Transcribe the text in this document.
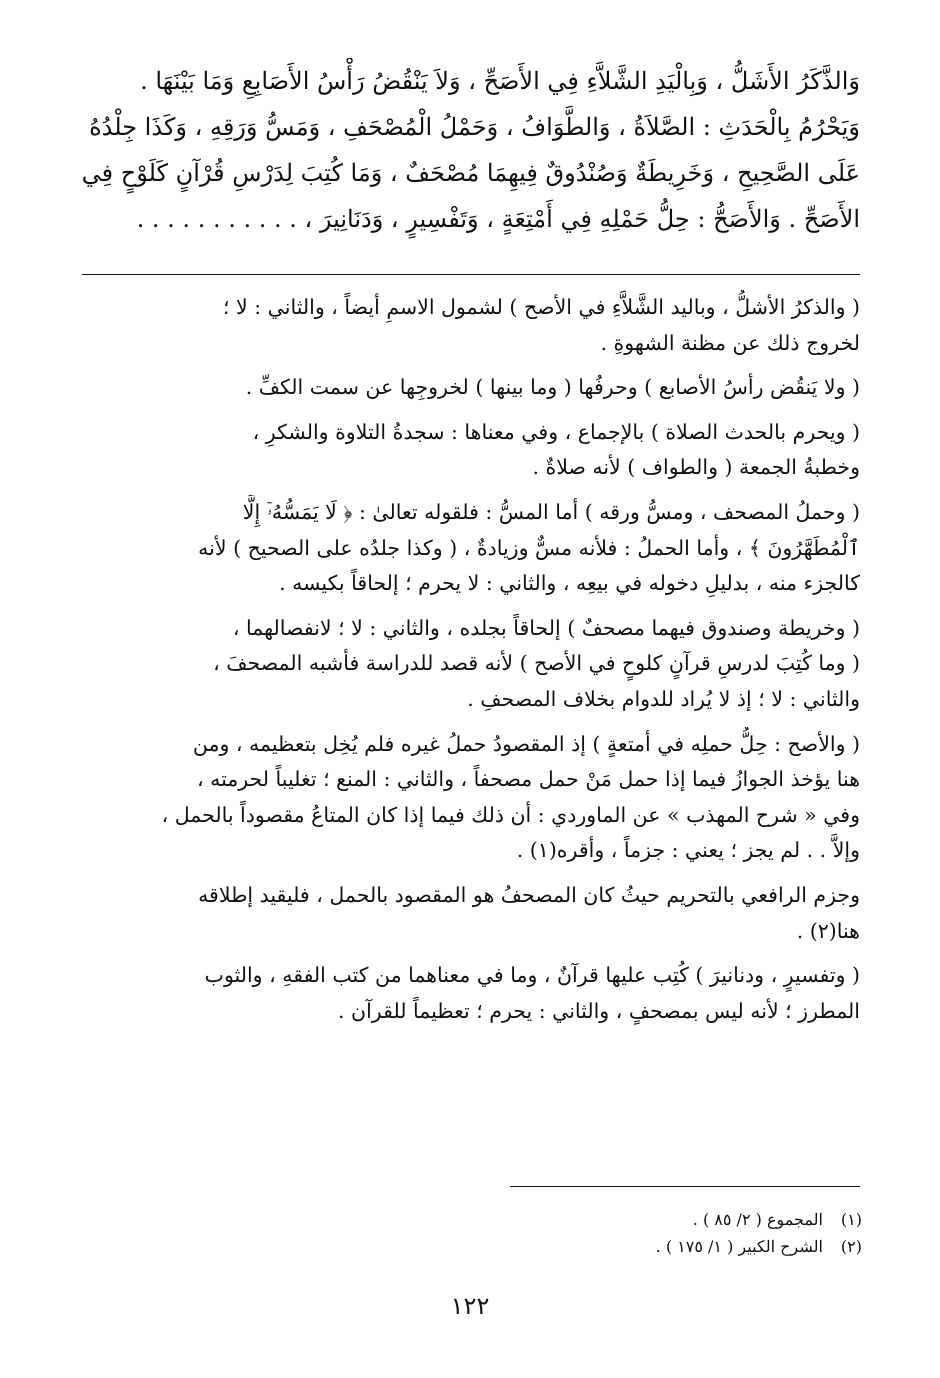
وَالذَّكَرُ الأَشَلُّ ، وَبِالْيَدِ الشَّلاَّءِ فِي الأَصَحِّ ، وَلاَ يَنْقُضُ رَأْسُ الأَصَابِعِ وَمَا بَيْنَهَا .
وَيَحْرُمُ بِالْحَدَثِ : الصَّلاَةُ ، وَالطَّوَافُ ، وَحَمْلُ الْمُصْحَفِ ، وَمَسُّ وَرَقِهِ ، وَكَذَا جِلْدُهُ
عَلَى الصَّحِيحِ ، وَخَرِيطَةٌ وَصُنْدُوقٌ فِيهِمَا مُصْحَفٌ ، وَمَا كُتِبَ لِدَرْسِ قُرْآنٍ كَلَوْحٍ فِي
الأَصَحِّ . وَالأَصَحُّ : حِلُّ حَمْلِهِ فِي أَمْتِعَةٍ ، وَتَفْسِيرٍ ، وَدَنَانِيرَ ، . . . . . . . . . . .

( والذكرُ الأشلُّ ، وباليد الشَّلاَّءِ في الأصح ) لشمول الاسمِ أيضاً ، والثاني : لا ؛
لخروج ذلك عن مظنة الشهوةِ .

( ولا يَنقُض رأسُ الأصابع ) وحرفُها ( وما بينها ) لخروجِها عن سمت الكفِّ .

( ويحرم بالحدث الصلاة ) بالإجماع ، وفي معناها : سجدةُ التلاوة والشكرِ ،
وخطبةُ الجمعة ( والطواف ) لأنه صلاةٌ .

( وحملُ المصحف ، ومسُّ ورقه ) أما المسُّ : فلقوله تعالىٰ : ﴿ لَا يَمَسُّهُۥٓ إِلَّا
ٱلْمُطَهَّرُونَ ﴾ ، وأما الحملُ : فلأنه مسٌّ وزيادةٌ ، ( وكذا جلدُه على الصحيح ) لأنه
كالجزء منه ، بدليلِ دخوله في بيعِه ، والثاني : لا يحرم ؛ إلحاقاً بكيسه .

( وخريطة وصندوق فيهما مصحفٌ ) إلحاقاً بجلده ، والثاني : لا ؛ لانفصالهما ،
( وما كُتِبَ لدرسِ قرآنٍ كلوحٍ في الأصح ) لأنه قصد للدراسة فأشبه المصحفَ ،
والثاني : لا ؛ إذ لا يُراد للدوام بخلاف المصحفِ .

( والأصح : حِلُّ حملِه في أمتعةٍ ) إذ المقصودُ حملُ غيره فلم يُخِل بتعظيمه ، ومن
هنا يؤخذ الجوازُ فيما إذا حمل مَنْ حمل مصحفاً ، والثاني : المنع ؛ تغليباً لحرمته ،
وفي « شرح المهذب » عن الماوردي : أن ذلك فيما إذا كان المتاعُ مقصوداً بالحمل ،
وإلاَّ . . لم يجز ؛ يعني : جزماً ، وأقره(١) .

وجزم الرافعي بالتحريم حيثُ كان المصحفُ هو المقصود بالحمل ، فليقيد إطلاقه
هنا(٢) .

( وتفسيرٍ ، ودنانيرَ ) كُتِب عليها قرآنٌ ، وما في معناهما من كتب الفقهِ ، والثوب
المطرز ؛ لأنه ليس بمصحفٍ ، والثاني : يحرم ؛ تعظيماً للقرآن .

(١) المجموع ( ٢/ ٨٥ ) .
(٢) الشرح الكبير ( ١/ ١٧٥ ) .
١٢٢
